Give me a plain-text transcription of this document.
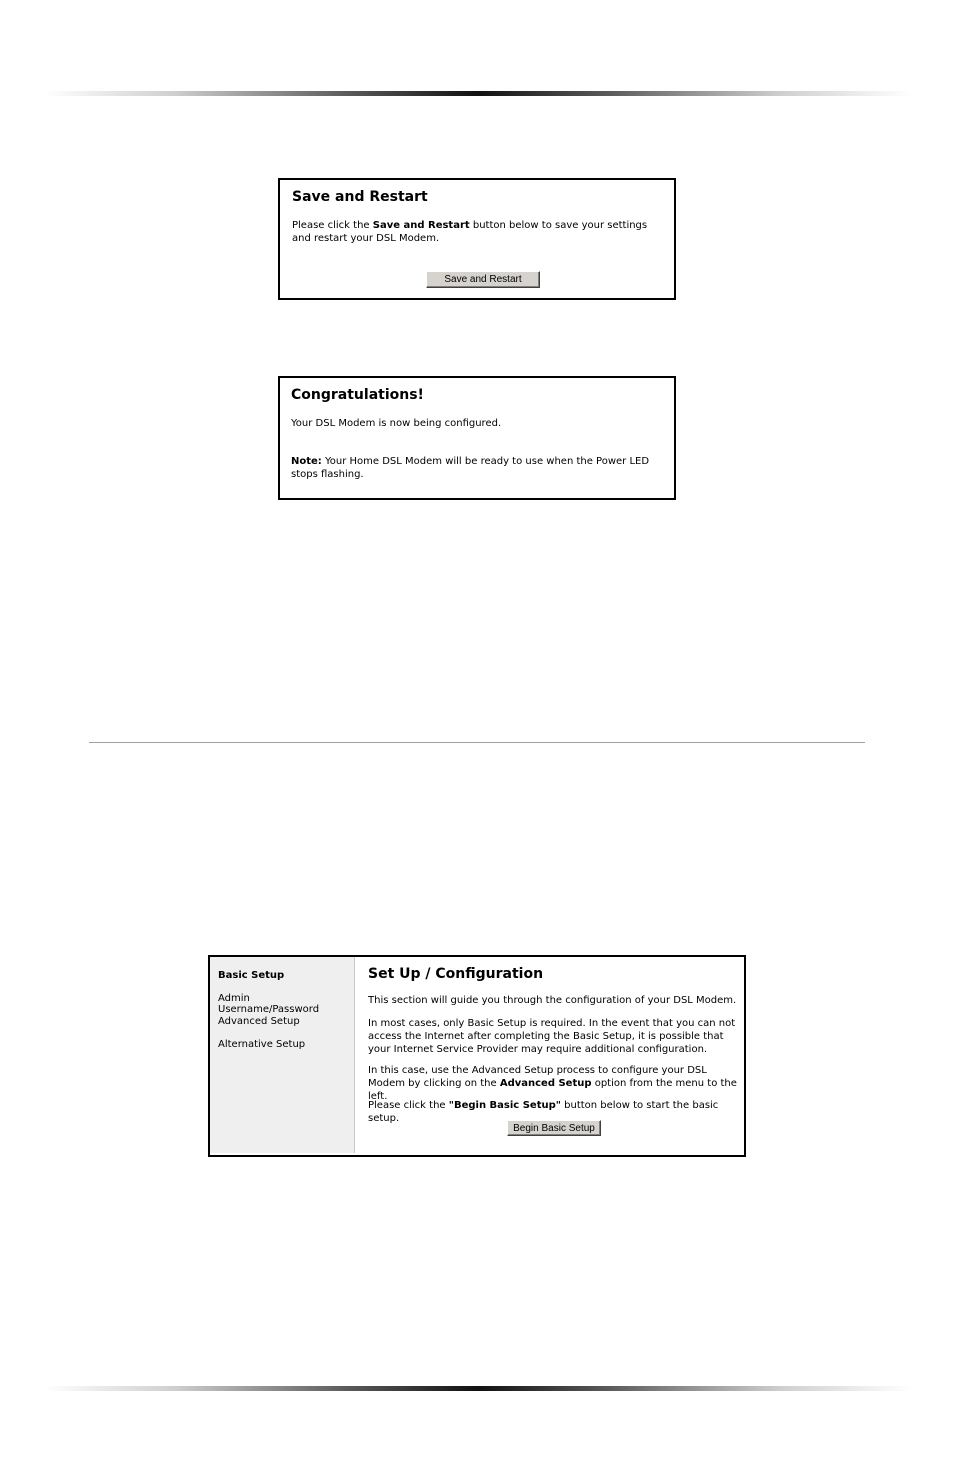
Save and Restart
Please click the Save and Restart button below to save your settings and restart your DSL Modem.
Save and Restart
Congratulations!
Your DSL Modem is now being configured.
Note: Your Home DSL Modem will be ready to use when the Power LED stops flashing.
Basic Setup
Admin Username/Password
Advanced Setup
Alternative Setup
Set Up / Configuration
This section will guide you through the configuration of your DSL Modem.
In most cases, only Basic Setup is required. In the event that you can not access the Internet after completing the Basic Setup, it is possible that your Internet Service Provider may require additional configuration.
In this case, use the Advanced Setup process to configure your DSL Modem by clicking on the Advanced Setup option from the menu to the left.
Please click the "Begin Basic Setup" button below to start the basic setup.
Begin Basic Setup
